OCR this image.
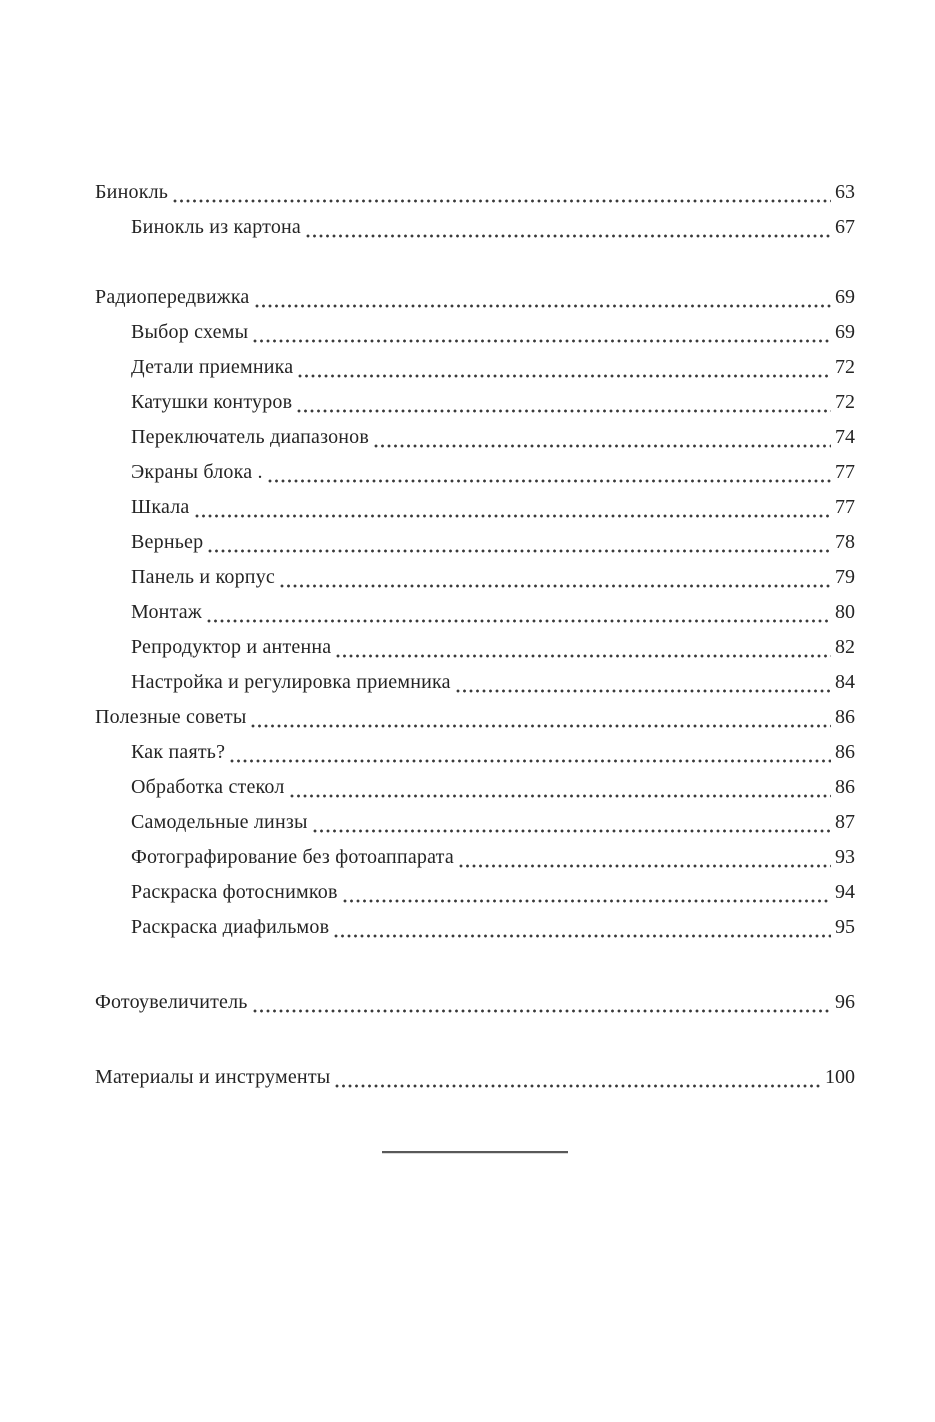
Бинокль	63
Бинокль из картона	67
Радиопередвижка	69
Выбор схемы	69
Детали приемника	72
Катушки контуров	72
Переключатель диапазонов	74
Экраны блока .	77
Шкала	77
Верньер	78
Панель и корпус	79
Монтаж	80
Репродуктор и антенна	82
Настройка и регулировка приемника	84
Полезные советы	86
Как паять?	86
Обработка стекол	86
Самодельные линзы	87
Фотографирование без фотоаппарата	93
Раскраска фотоснимков	94
Раскраска диафильмов	95
Фотоувеличитель	96
Материалы и инструменты	100
